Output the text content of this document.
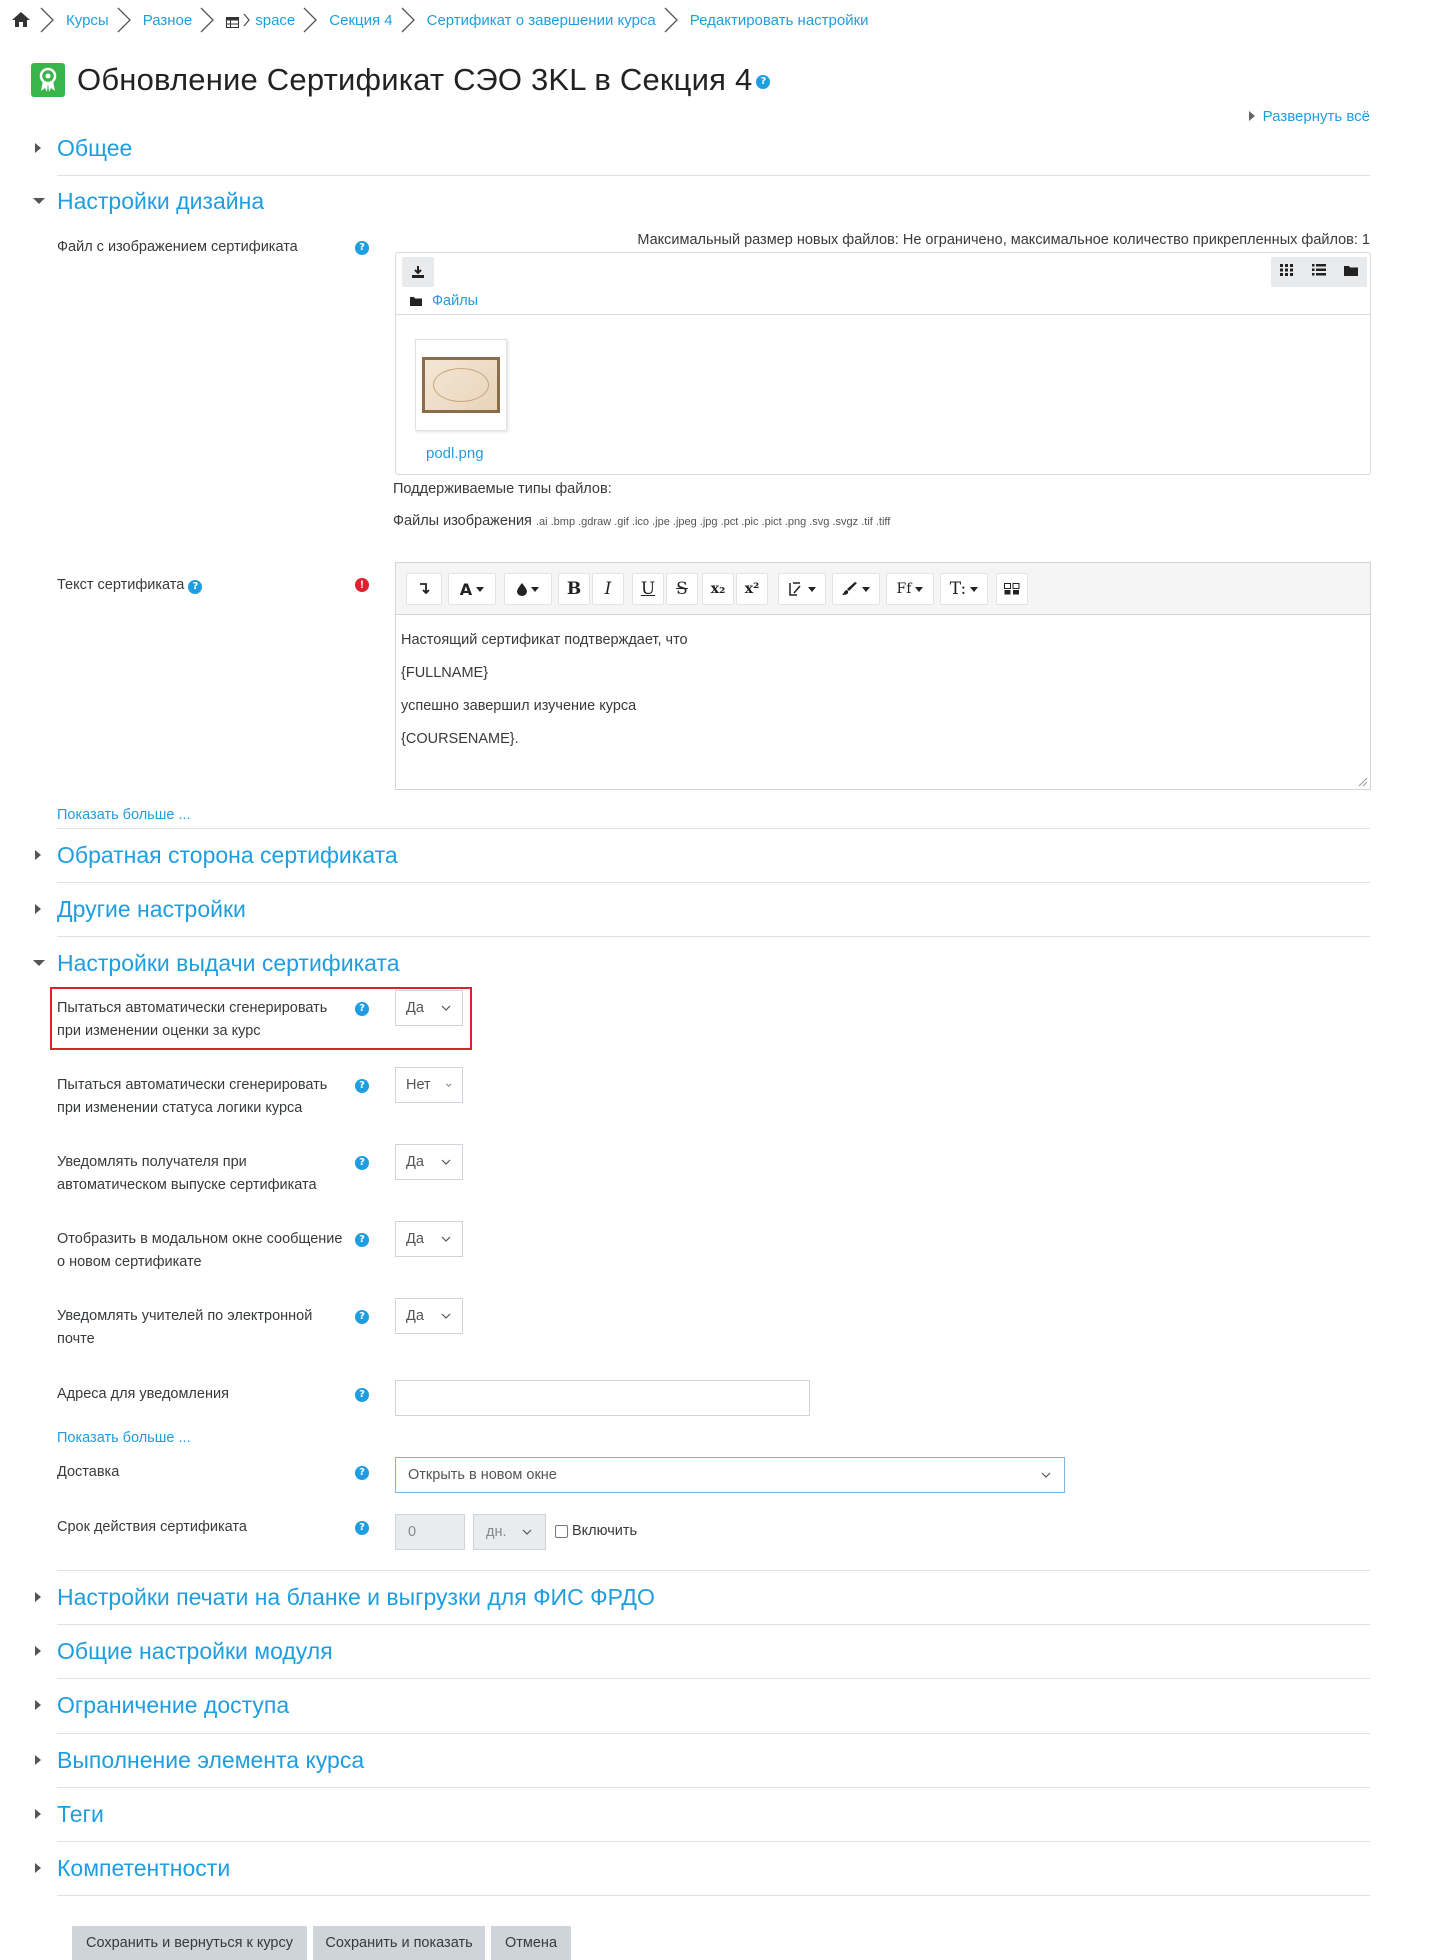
Курсы Разное	space Секция 4 Сертификат о завершении курса Редактировать настройки
Обновление Сертификат СЭО 3KL в Секция 4 ?
Развернуть всё
Общее
Настройки дизайна
Файл с изображением сертификата	?	Максимальный размер новых файлов: Не ограничено, максимальное количество прикрепленных файлов: 1
Файлы
podl.png
Поддерживаемые типы файлов:
Файлы изображения .ai .bmp .gdraw .gif .ico .jpe .jpeg .jpg .pct .pic .pict .png .svg .svgz .tif .tiff
Текст сертификата ?	!	A	B	I	U	S	x₂	x²	Ff T:

Настоящий сертификат подтверждает, что

{FULLNAME}

успешно завершил изучение курса

{COURSENAME}.

Показать больше ...
Обратная сторона сертификата
Другие настройки
Настройки выдачи сертификата
Пытаться автоматически сгенерировать при изменении оценки за курс
?	Да
Пытаться автоматически сгенерировать при изменении статуса логики курса
?	Нет
Уведомлять получателя при автоматическом выпуске сертификата
?	Да
Отобразить в модальном окне сообщение о новом сертификате
?	Да
Уведомлять учителей по электронной почте
?	Да
Адреса для уведомления	?
Показать больше ...
Доставка	?	Открыть в новом окне
Срок действия сертификата	?	0	дн.	Включить
Настройки печати на бланке и выгрузки для ФИС ФРДО
Общие настройки модуля
Ограничение доступа
Выполнение элемента курса
Теги
Компетентности
Сохранить и вернуться к курсу	Сохранить и показать	Отмена
